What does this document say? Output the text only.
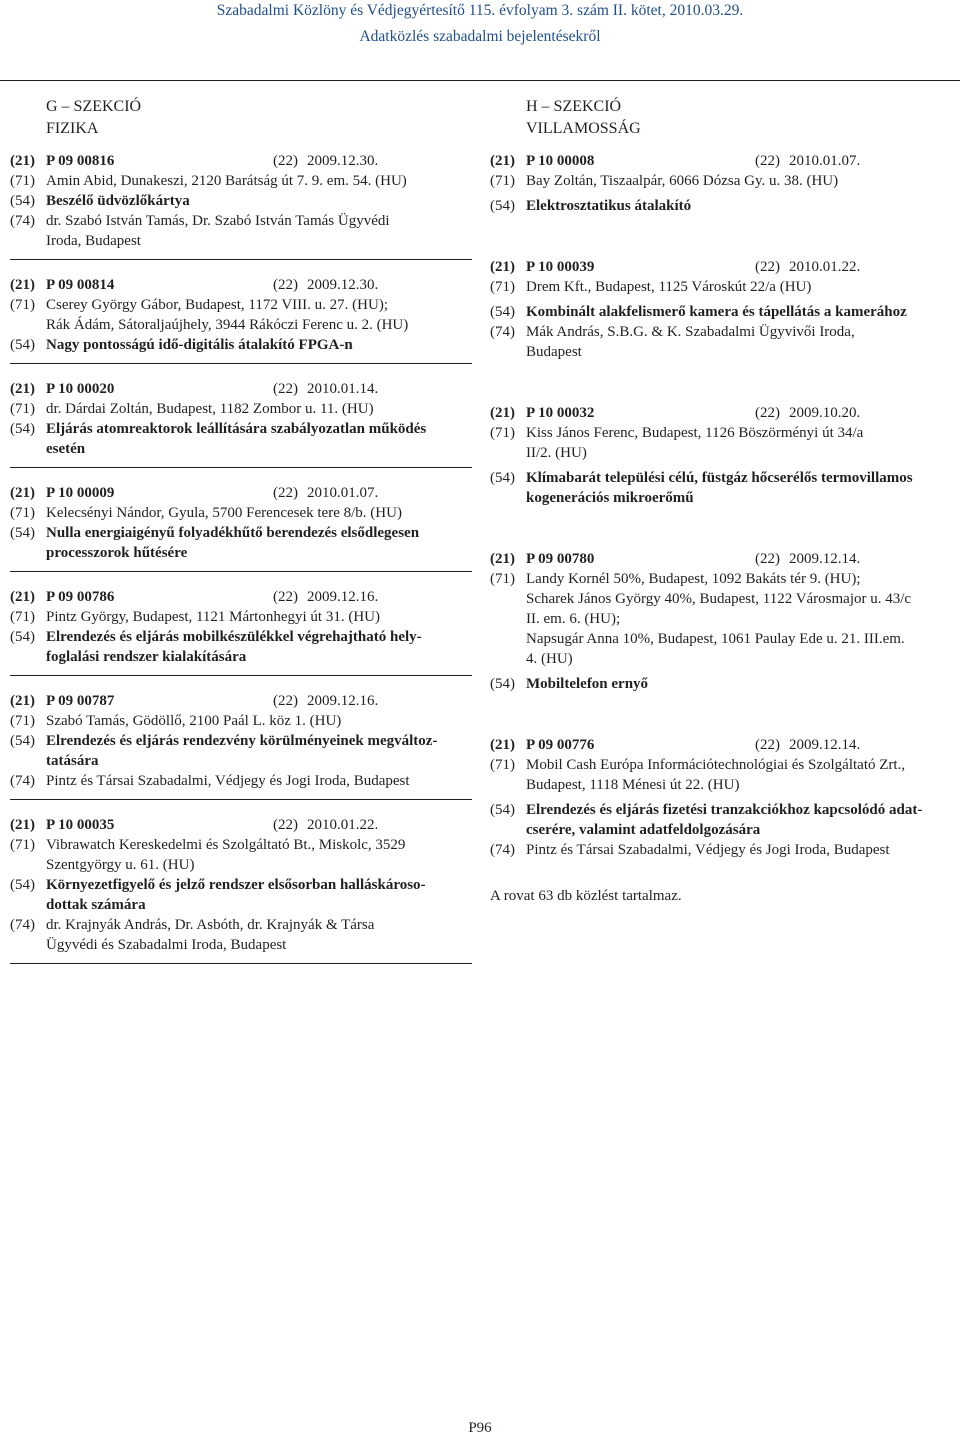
Szabadalmi Közlöny és Védjegyértesítő 115. évfolyam 3. szám II. kötet, 2010.03.29.
Adatközlés szabadalmi bejelentésekről
G – SZEKCIÓ
FIZIKA
(21) P 09 00816	(22) 2009.12.30.
(71) Amin Abid, Dunakeszi, 2120 Barátság út 7. 9. em. 54. (HU)
(54) Beszélő üdvözlőkártya
(74) dr. Szabó István Tamás, Dr. Szabó István Tamás Ügyvédi
Iroda, Budapest
(21) P 09 00814	(22) 2009.12.30.
(71) Cserey György Gábor, Budapest, 1172 VIII. u. 27. (HU);
Rák Ádám, Sátoraljaújhely, 3944 Rákóczi Ferenc u. 2. (HU)
(54) Nagy pontosságú idő-digitális átalakító FPGA-n
(21) P 10 00020	(22) 2010.01.14.
(71) dr. Dárdai Zoltán, Budapest, 1182 Zombor u. 11. (HU)
(54) Eljárás atomreaktorok leállítására szabályozatlan működés
esetén
(21) P 10 00009	(22) 2010.01.07.
(71) Kelecsényi Nándor, Gyula, 5700 Ferencesek tere 8/b. (HU)
(54) Nulla energiaigényű folyadékhűtő berendezés elsődlegesen
processzorok hűtésére
(21) P 09 00786	(22) 2009.12.16.
(71) Pintz György, Budapest, 1121 Mártonhegyi út 31. (HU)
(54) Elrendezés és eljárás mobilkészülékkel végrehajtható hely-
foglalási rendszer kialakítására
(21) P 09 00787	(22) 2009.12.16.
(71) Szabó Tamás, Gödöllő, 2100 Paál L. köz 1. (HU)
(54) Elrendezés és eljárás rendezvény körülményeinek megváltoz-
tatására
(74) Pintz és Társai Szabadalmi, Védjegy és Jogi Iroda, Budapest
(21) P 10 00035	(22) 2010.01.22.
(71) Vibrawatch Kereskedelmi és Szolgáltató Bt., Miskolc, 3529
Szentgyörgy u. 61. (HU)
(54) Környezetfigyelő és jelző rendszer elsősorban halláskároso-
dottak számára
(74) dr. Krajnyák András, Dr. Asbóth, dr. Krajnyák & Társa
Ügyvédi és Szabadalmi Iroda, Budapest
H – SZEKCIÓ
VILLAMOSSÁG
(21) P 10 00008	(22) 2010.01.07.
(71) Bay Zoltán, Tiszaalpár, 6066 Dózsa Gy. u. 38. (HU)
(54) Elektrosztatikus átalakító
(21) P 10 00039	(22) 2010.01.22.
(71) Drem Kft., Budapest, 1125 Városkút 22/a (HU)
(54) Kombinált alakfelismerő kamera és tápellátás a kamerához
(74) Mák András, S.B.G. & K. Szabadalmi Ügyvivői Iroda,
Budapest
(21) P 10 00032	(22) 2009.10.20.
(71) Kiss János Ferenc, Budapest, 1126 Böszörményi út 34/a
II/2. (HU)
(54) Klímabarát települési célú, füstgáz hőcserélős termovillamos
kogenerációs mikroerőmű
(21) P 09 00780	(22) 2009.12.14.
(71) Landy Kornél 50%, Budapest, 1092 Bakáts tér 9. (HU);
Scharek János György 40%, Budapest, 1122 Városmajor u. 43/c
II. em. 6. (HU);
Napsugár Anna 10%, Budapest, 1061 Paulay Ede u. 21. III.em.
4. (HU)
(54) Mobiltelefon ernyő
(21) P 09 00776	(22) 2009.12.14.
(71) Mobil Cash Európa Információtechnológiai és Szolgáltató Zrt.,
Budapest, 1118 Ménesi út 22. (HU)
(54) Elrendezés és eljárás fizetési tranzakciókhoz kapcsolódó adat-
cserére, valamint adatfeldolgozására
(74) Pintz és Társai Szabadalmi, Védjegy és Jogi Iroda, Budapest
A rovat 63 db közlést tartalmaz.
P96
